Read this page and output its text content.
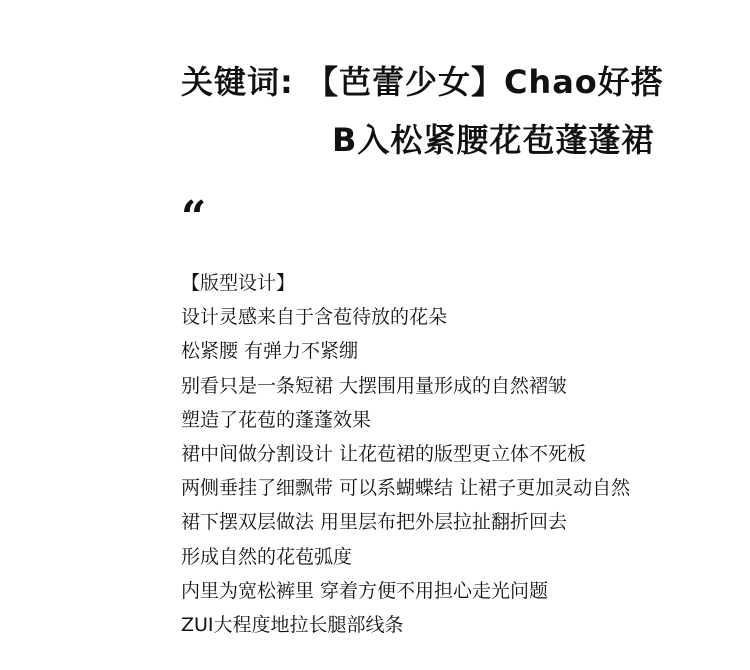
关键词: 【芭蕾少女】Chao好搭
B入松紧腰花苞蓬蓬裙
“
【版型设计】
设计灵感来自于含苞待放的花朵
松紧腰 有弹力不紧绷
别看只是一条短裙 大摆围用量形成的自然褶皱
塑造了花苞的蓬蓬效果
裙中间做分割设计 让花苞裙的版型更立体不死板
两侧垂挂了细飘带 可以系蝴蝶结 让裙子更加灵动自然
裙下摆双层做法 用里层布把外层拉扯翻折回去
形成自然的花苞弧度
内里为宽松裤里 穿着方便不用担心走光问题
ZUI大程度地拉长腿部线条
